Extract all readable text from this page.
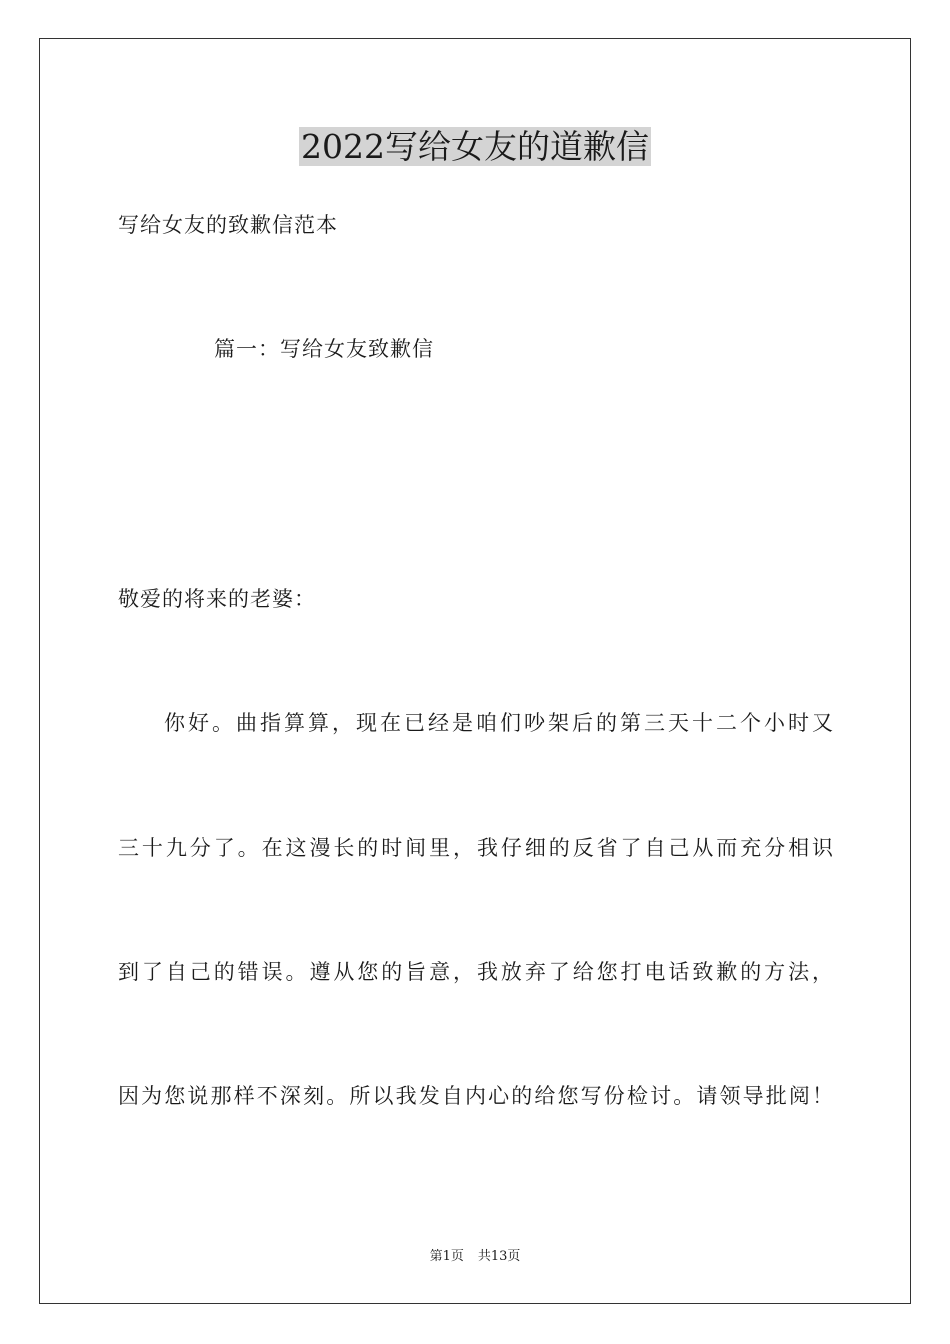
2022写给女友的道歉信

写给女友的致歉信范本

篇一：写给女友致歉信

敬爱的将来的老婆：

你好。曲指算算，现在已经是咱们吵架后的第三天十二个小时又

三十九分了。在这漫长的时间里，我仔细的反省了自己从而充分相识

到了自己的错误。遵从您的旨意，我放弃了给您打电话致歉的方法，

因为您说那样不深刻。所以我发自内心的给您写份检讨。请领导批阅！

第1页 共13页
